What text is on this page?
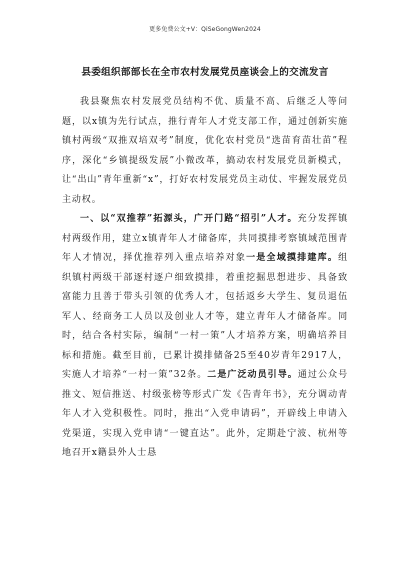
更多免费公文+V：QiSeGongWen2024
县委组织部部长在全市农村发展党员座谈会上的交流发言

我县聚焦农村发展党员结构不优、质量不高、后继乏人等问题，以x镇为先行试点，推行青年人才党支部工作，通过创新实施镇村两级“双推双培双考”制度，优化农村党员“选苗育苗壮苗”程序，深化“乡镇提级发展”小微改革，搞动农村发展党员新模式，让“出山”青年重新“x”，打好农村发展党员主动仗、牢握发展党员主动权。

一、以“双推荐”拓源头，广开门路“招引”人才。充分发挥镇村两级作用，建立x镇青年人才储备库，共同摸排考察镇域范围青年人才情况，择优推荐列入重点培养对象一是全域摸排建库。组织镇村两级干部逐村逐户细致摸排，着重挖掘思想进步、具备致富能力且善于带头引领的优秀人才，包括返乡大学生、复员退伍军人、经商务工人员以及创业人才等，建立青年人才储备库。同时，结合各村实际，编制“一村一策”人才培养方案，明确培养目标和措施。截至目前，已累计摸排储备25至40岁青年2917人，实施人才培养“一村一策”32条。二是广泛动员引导。通过公众号推文、短信推送、村级张榜等形式广发《告青年书》，充分调动青年人才入党积极性。同时，推出“入党申请码”，开辟线上申请入党渠道，实现入党申请“一键直达”。此外，定期赴宁波、杭州等地召开x籍县外人士恳
